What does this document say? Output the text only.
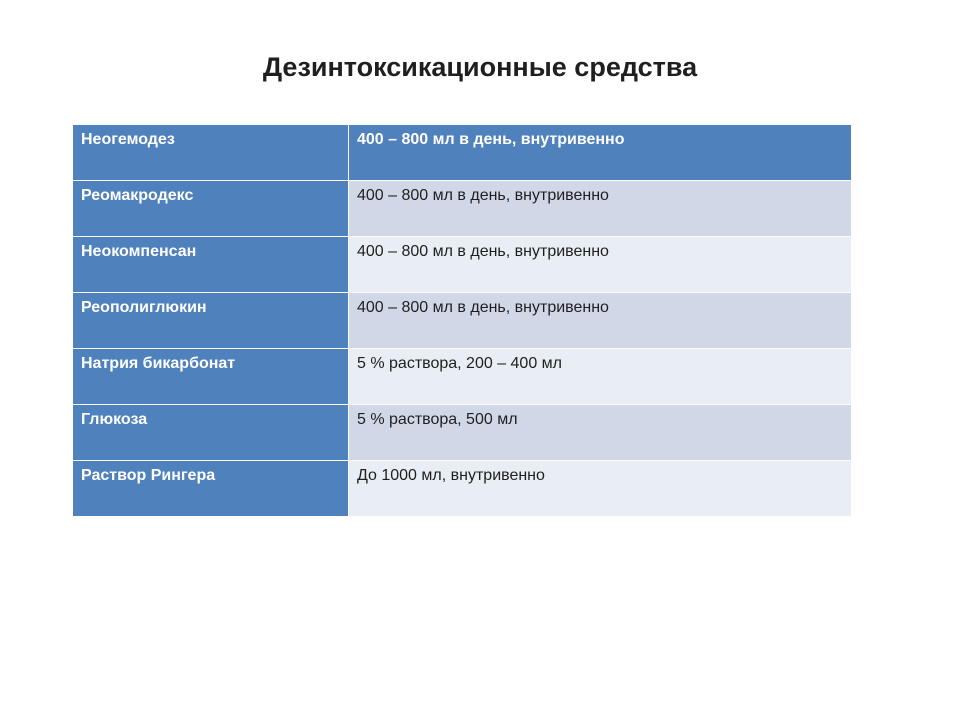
Дезинтоксикационные средства
Неогемодез	400 – 800 мл в день, внутривенно
Реомакродекс	400 – 800 мл в день, внутривенно
Неокомпенсан	400 – 800 мл в день, внутривенно
Реополиглюкин	400 – 800 мл в день, внутривенно
Натрия бикарбонат	5 % раствора, 200 – 400 мл
Глюкоза	5 % раствора, 500 мл
Раствор Рингера	До 1000 мл, внутривенно
